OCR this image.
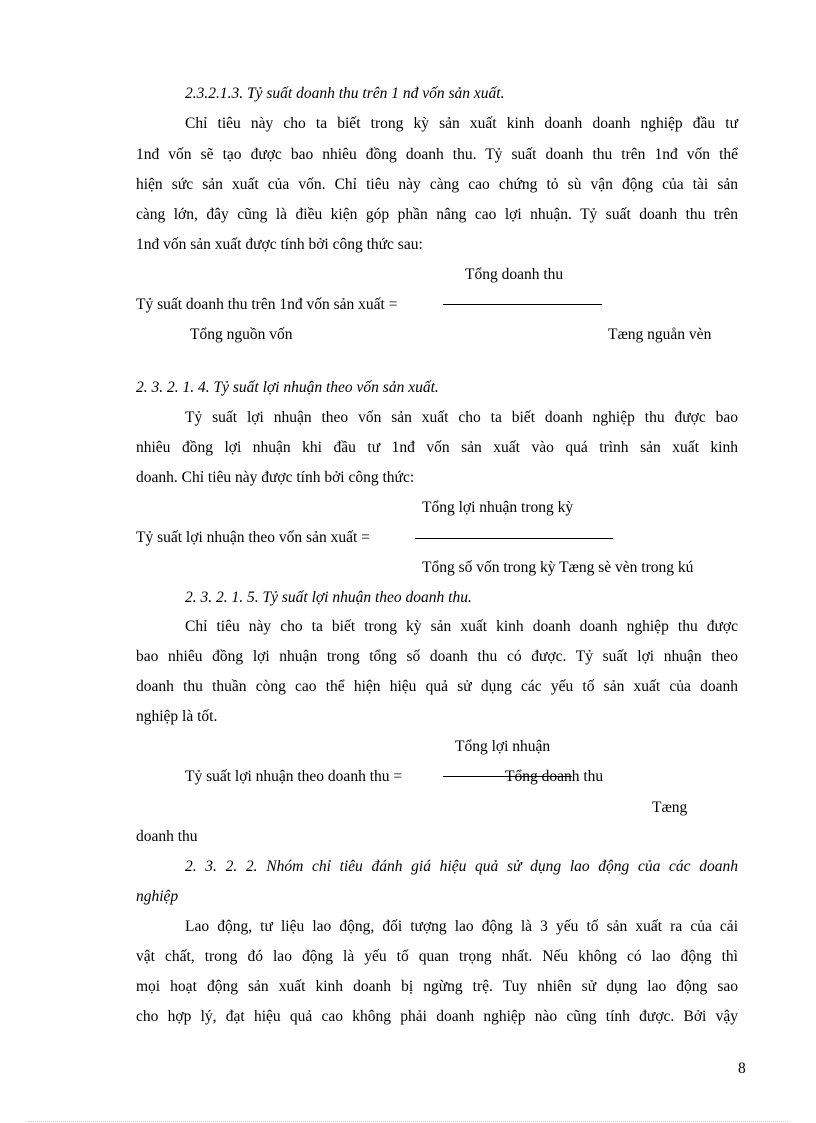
2.3.2.1.3. Tỷ suất doanh thu trên 1 nđ vốn sản xuất.
Chỉ tiêu này cho ta biết trong kỳ sản xuất kinh doanh doanh nghiệp đầu tư
1nđ vốn sẽ tạo được bao nhiêu đồng doanh thu. Tỷ suất doanh thu trên 1nđ vốn thể
hiện sức sản xuất của vốn. Chỉ tiêu này càng cao chứng tỏ sù vận động của tài sản
càng lớn, đây cũng là điều kiện góp phần nâng cao lợi nhuận. Tỷ suất doanh thu trên
1nđ vốn sản xuất được tính bởi công thức sau:
Tổng doanh thu
Tỷ suất doanh thu trên 1nđ vốn sản xuất =
Tổng nguồn vốn	Tæng nguån vèn
2. 3. 2. 1. 4. Tỷ suất lợi nhuận theo vốn sản xuất.
Tỷ suất lợi nhuận theo vốn sản xuất cho ta biết doanh nghiệp thu được bao
nhiêu đồng lợi nhuận khi đầu tư 1nđ vốn sản xuất vào quá trình sản xuất kinh
doanh. Chỉ tiêu này được tính bởi công thức:
Tổng lợi nhuận trong kỳ
Tỷ suất lợi nhuận theo vốn sản xuất =
Tổng số vốn trong kỳ Tæng sè vèn trong kú
2. 3. 2. 1. 5. Tỷ suất lợi nhuận theo doanh thu.
Chỉ tiêu này cho ta biết trong kỳ sản xuất kinh doanh doanh nghiệp thu được
bao nhiêu đồng lợi nhuận trong tổng số doanh thu có được. Tỷ suất lợi nhuận theo
doanh thu thuần còng cao thể hiện hiệu quả sử dụng các yếu tố sản xuất của doanh
nghiệp là tốt.
Tổng lợi nhuận
Tỷ suất lợi nhuận theo doanh thu =	Tổng doanh thu
Tæng
doanh thu
2. 3. 2. 2. Nhóm chỉ tiêu đánh giá hiệu quả sử dụng lao động của các doanh
nghiệp
Lao động, tư liệu lao động, đối tượng lao động là 3 yếu tố sản xuất ra của cải
vật chất, trong đó lao động là yếu tố quan trọng nhất. Nếu không có lao động thì
mọi hoạt động sản xuất kinh doanh bị ngừng trệ. Tuy nhiên sử dụng lao động sao
cho hợp lý, đạt hiệu quả cao không phải doanh nghiệp nào cũng tính được. Bởi vậy
8
